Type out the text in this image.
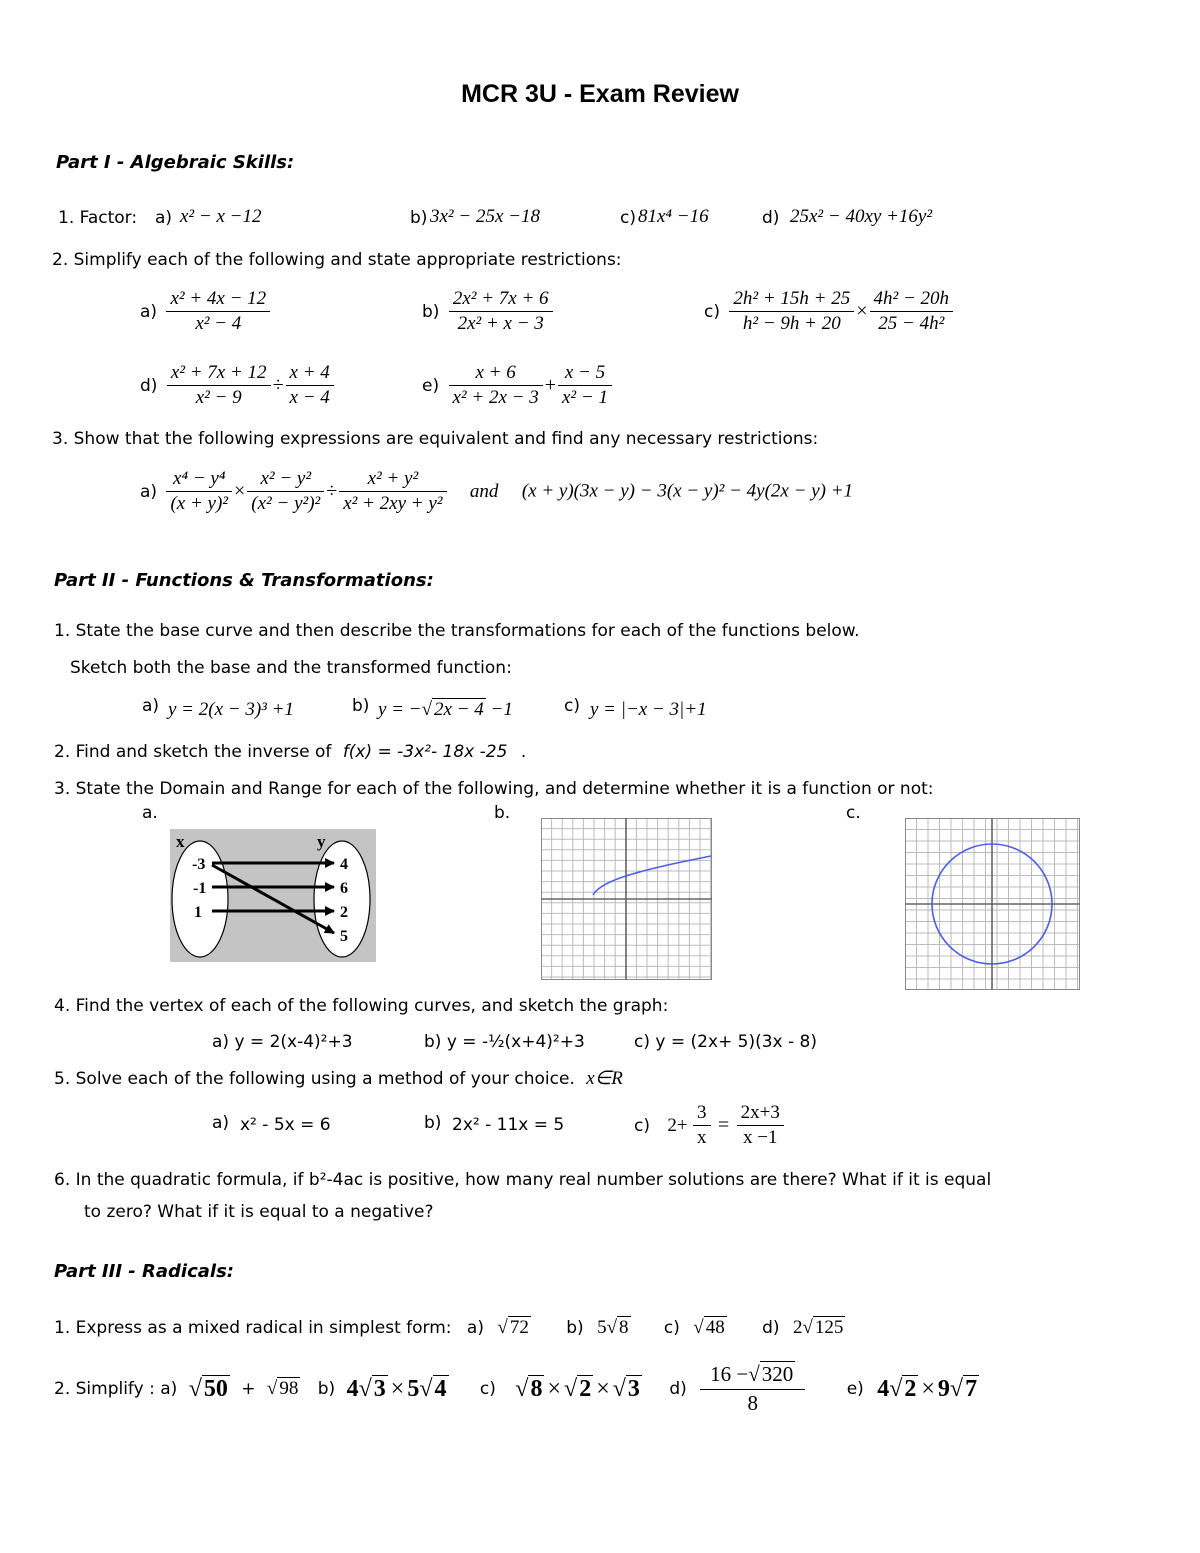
MCR 3U - Exam Review
Part I - Algebraic Skills:
1. Factor: a) x² − x −12	b) 3x² − 25x −18	c) 81x⁴ −16	d) 25x² − 40xy +16y²
2. Simplify each of the following and state appropriate restrictions:
$a) \frac{\text{x² + 4x − 12}}{\text{x² − 4}}$	$b) \frac{\text{2x² + 7x + 6}}{\text{2x² + x − 3}}$	$c) \frac{\text{2h² + 15h + 25}}{\text{h² − 9h + 20}} \times \frac{\text{4h² − 20h}}{\text{25 − 4h²}}$
$d) \frac{\text{x² + 7x + 12}}{\text{x² − 9}} \div \frac{x + 4}{x - 4}$	$e) \frac{x + 6}{\text{x² + 2x − 3}} + \frac{x - 5}{\text{x² − 1}}$
3. Show that the following expressions are equivalent and find any necessary restrictions:
$a) \frac{\text{x⁴ − y⁴}}{\text{(x + y)²}} \times \frac{\text{x² − y²}}{\text{(x² − y²)²}} \div \frac{\text{x² + y²}}{\text{x² + 2xy + y²}}$ and (x + y)(3x − y) − 3(x − y)² − 4y(2x − y) +1
Part II - Functions & Transformations:
1. State the base curve and then describe the transformations for each of the functions below.
Sketch both the base and the transformed function:
a) y = 2(x − 3)³ +1	b) y = −√ 2x − 4 −1	c) y = |−x − 3|+1
2. Find and sketch the inverse of f(x) = -3x²- 18x -25 .
3. State the Domain and Range for each of the following, and determine whether it is a function or not:
a.	b.	c.
x	y
-3
-1
1
4
6
2
5
4. Find the vertex of each of the following curves, and sketch the graph:
a) y = 2(x-4)²+3	b) y = -½(x+4)²+3	c) y = (2x+ 5)(3x - 8)
5. Solve each of the following using a method of your choice. x∈R
a) x² - 5x = 6	b) 2x² - 11x = 5	c) $2+ \frac{3}{x} = \frac{2x+3}{x -1}$
6. In the quadratic formula, if b²-4ac is positive, how many real number solutions are there? What if it is equal
to zero? What if it is equal to a negative?
Part III - Radicals:
1. Express as a mixed radical in simplest form: a) √ 72 b) 5√ 8 c) √ 48 d) 2√ 125
2. Simplify : a) √50 + √ 98 b) 4√3 × 5√4 c) √8 × √2 × √3 $d) \frac{16 -√320}{8} e$) 4√2 × 9√7
